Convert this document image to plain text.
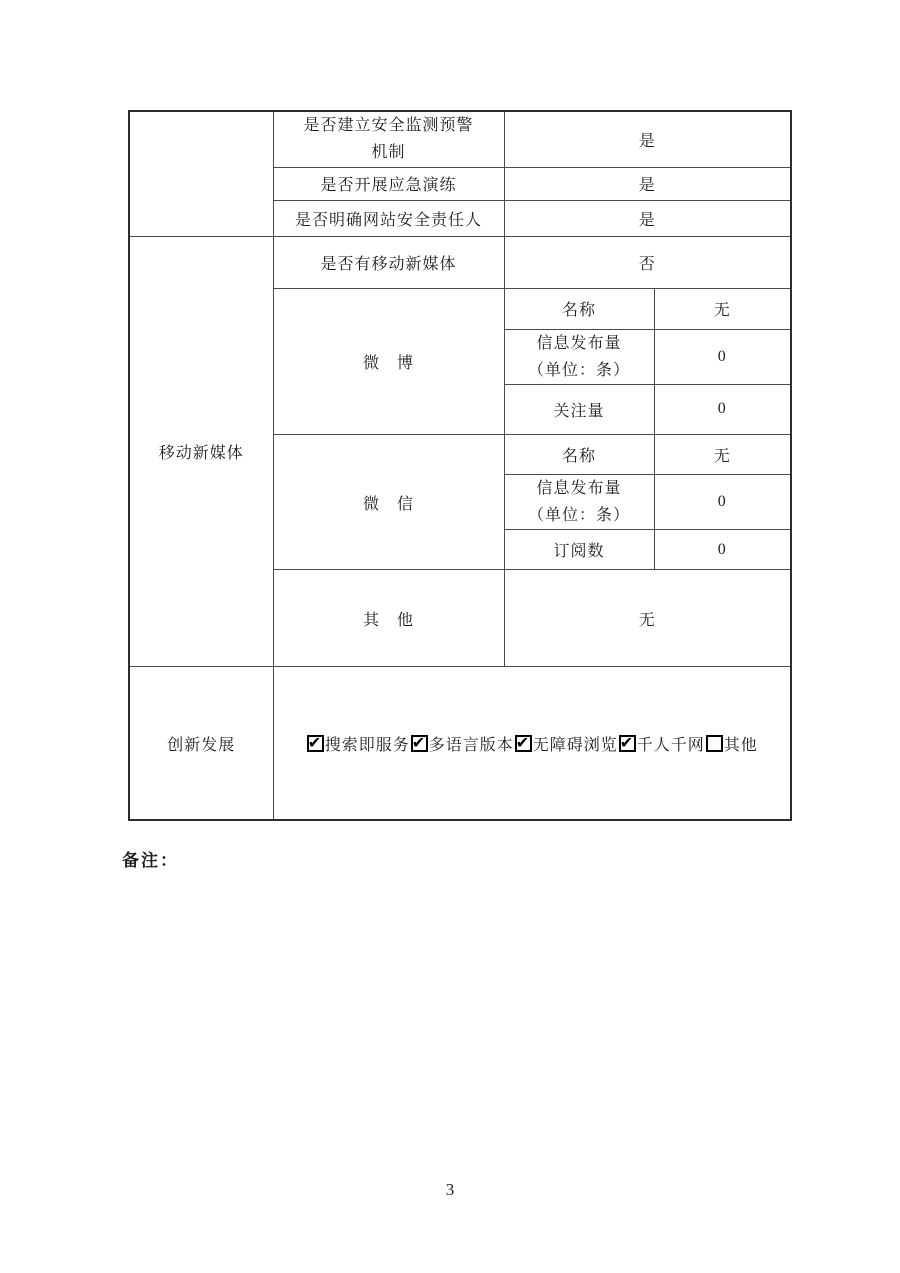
	是否建立安全监测预警
机制	是	
	是否开展应急演练	是	
	是否明确网站安全责任人	是	
移动新媒体	是否有移动新媒体	否	
	微　博	名称	无

		信息发布量
（单位：条）	0
		关注量	0
	微　信	名称	无

		信息发布量
（单位：条）	0
		订阅数	0
	其　他	无	
创新发展	✔搜索即服务 ✔ 多语言版本 ✔ 无障碍浏览 ✔ 千人千网 其他
备注：
3
